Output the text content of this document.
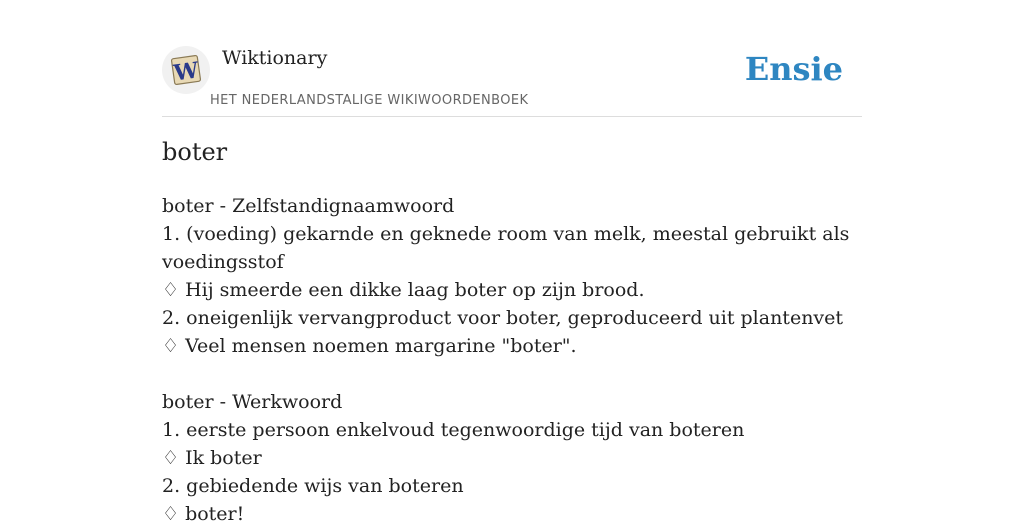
W Wiktionary
HET NEDERLANDSTALIGE WIKIWOORDENBOEK
Ensie
boter
boter - Zelfstandignaamwoord
1. (voeding) gekarnde en geknede room van melk, meestal gebruikt als voedingsstof
♢ Hij smeerde een dikke laag boter op zijn brood.
2. oneigenlijk vervangproduct voor boter, geproduceerd uit plantenvet
♢ Veel mensen noemen margarine "boter".
boter - Werkwoord
1. eerste persoon enkelvoud tegenwoordige tijd van boteren
♢ Ik boter
2. gebiedende wijs van boteren
♢ boter!
